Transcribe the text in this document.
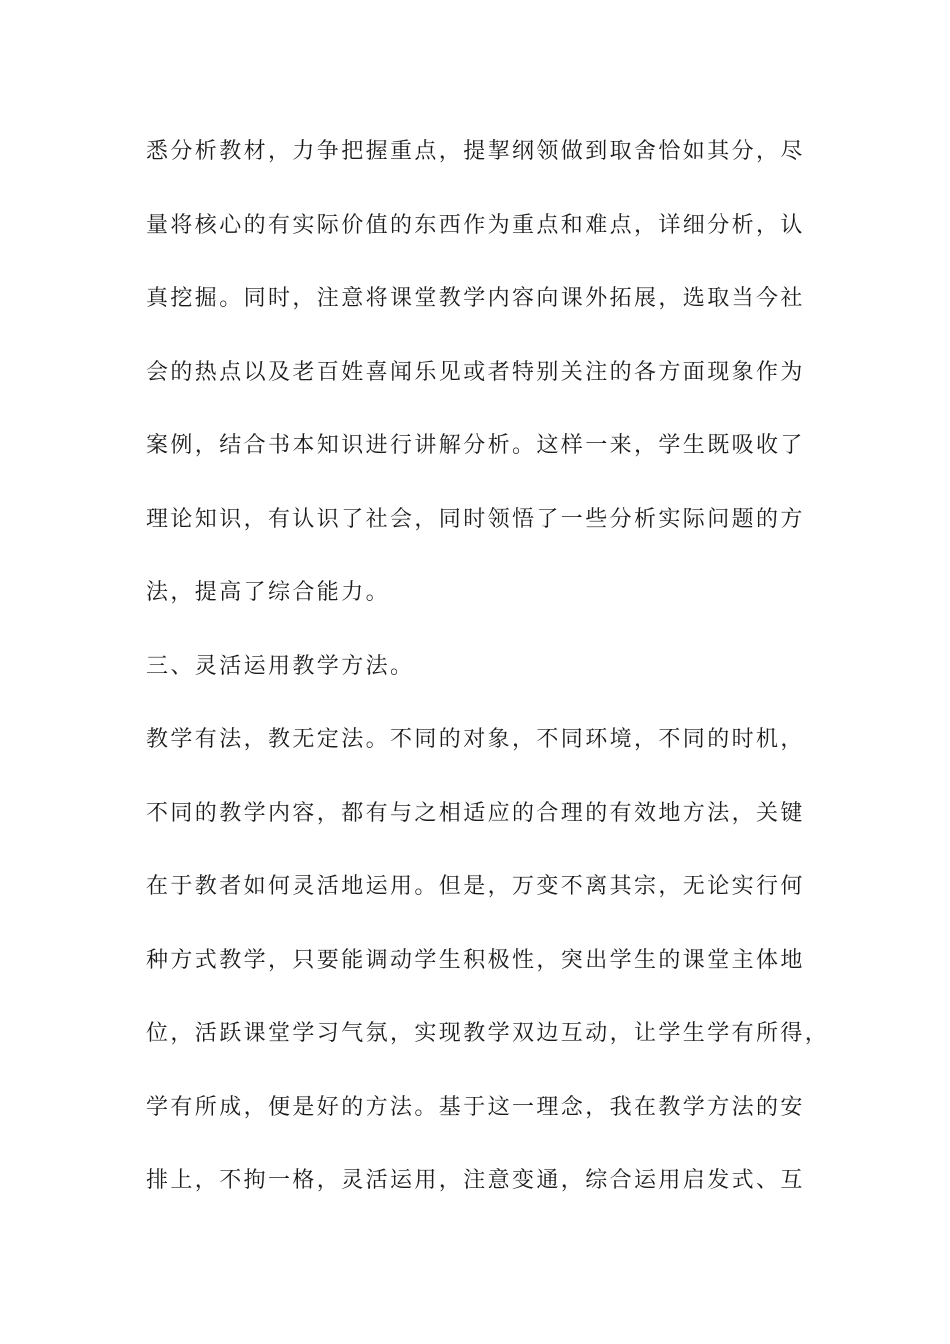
悉分析教材，力争把握重点，提挈纲领做到取舍恰如其分，尽
量将核心的有实际价值的东西作为重点和难点，详细分析，认
真挖掘。同时，注意将课堂教学内容向课外拓展，选取当今社
会的热点以及老百姓喜闻乐见或者特别关注的各方面现象作为
案例，结合书本知识进行讲解分析。这样一来，学生既吸收了
理论知识，有认识了社会，同时领悟了一些分析实际问题的方
法，提高了综合能力。
三、灵活运用教学方法。
教学有法，教无定法。不同的对象，不同环境，不同的时机，
不同的教学内容，都有与之相适应的合理的有效地方法，关键
在于教者如何灵活地运用。但是，万变不离其宗，无论实行何
种方式教学，只要能调动学生积极性，突出学生的课堂主体地
位，活跃课堂学习气氛，实现教学双边互动，让学生学有所得，
学有所成，便是好的方法。基于这一理念，我在教学方法的安
排上，不拘一格，灵活运用，注意变通，综合运用启发式、互
